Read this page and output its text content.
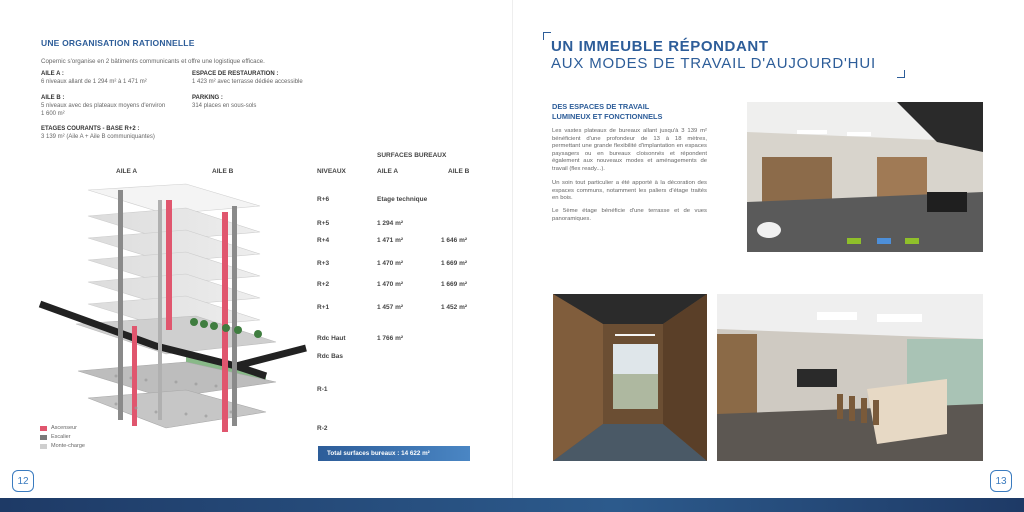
UNE ORGANISATION RATIONNELLE
Copernic s'organise en 2 bâtiments communicants et offre une logistique efficace.
AILE A :
6 niveaux allant de 1 294 m² à 1 471 m²
ESPACE DE RESTAURATION :
1 423 m² avec terrasse dédiée accessible
AILE B :
5 niveaux avec des plateaux moyens d'environ
1 600 m²
PARKING :
314 places en sous-sols
ETAGES COURANTS - BASE R+2 :
3 139 m² (Aile A + Aile B communiquantes)
AILE A	AILE B
SURFACES BUREAUX
NIVEAUX	AILE A	AILE B
R+6	Etage technique
R+5	1 294 m²
R+4	1 471 m²	1 646 m²
R+3	1 470 m²	1 669 m²
R+2	1 470 m²	1 669 m²
R+1	1 457 m²	1 452 m²
Rdc Haut	1 766 m²
Rdc Bas
R-1
R-2
Total surfaces bureaux : 14 622 m²
Ascenseur
Escalier
Monte-charge
12
UN IMMEUBLE RÉPONDANT
AUX MODES DE TRAVAIL D'AUJOURD'HUI
DES ESPACES DE TRAVAIL
LUMINEUX ET FONCTIONNELS
Les vastes plateaux de bureaux allant jusqu'à 3 139 m² bénéficient d'une profondeur de 13 à 18 mètres, permettant une grande flexibilité d'implantation en espaces paysagers ou en bureaux cloisonnés et répondent également aux nouveaux modes et aménagements de travail (flex ready...).
Un soin tout particulier a été apporté à la décoration des espaces communs, notamment les paliers d'étage traités en bois.
Le 5ème étage bénéficie d'une terrasse et de vues panoramiques.
13
